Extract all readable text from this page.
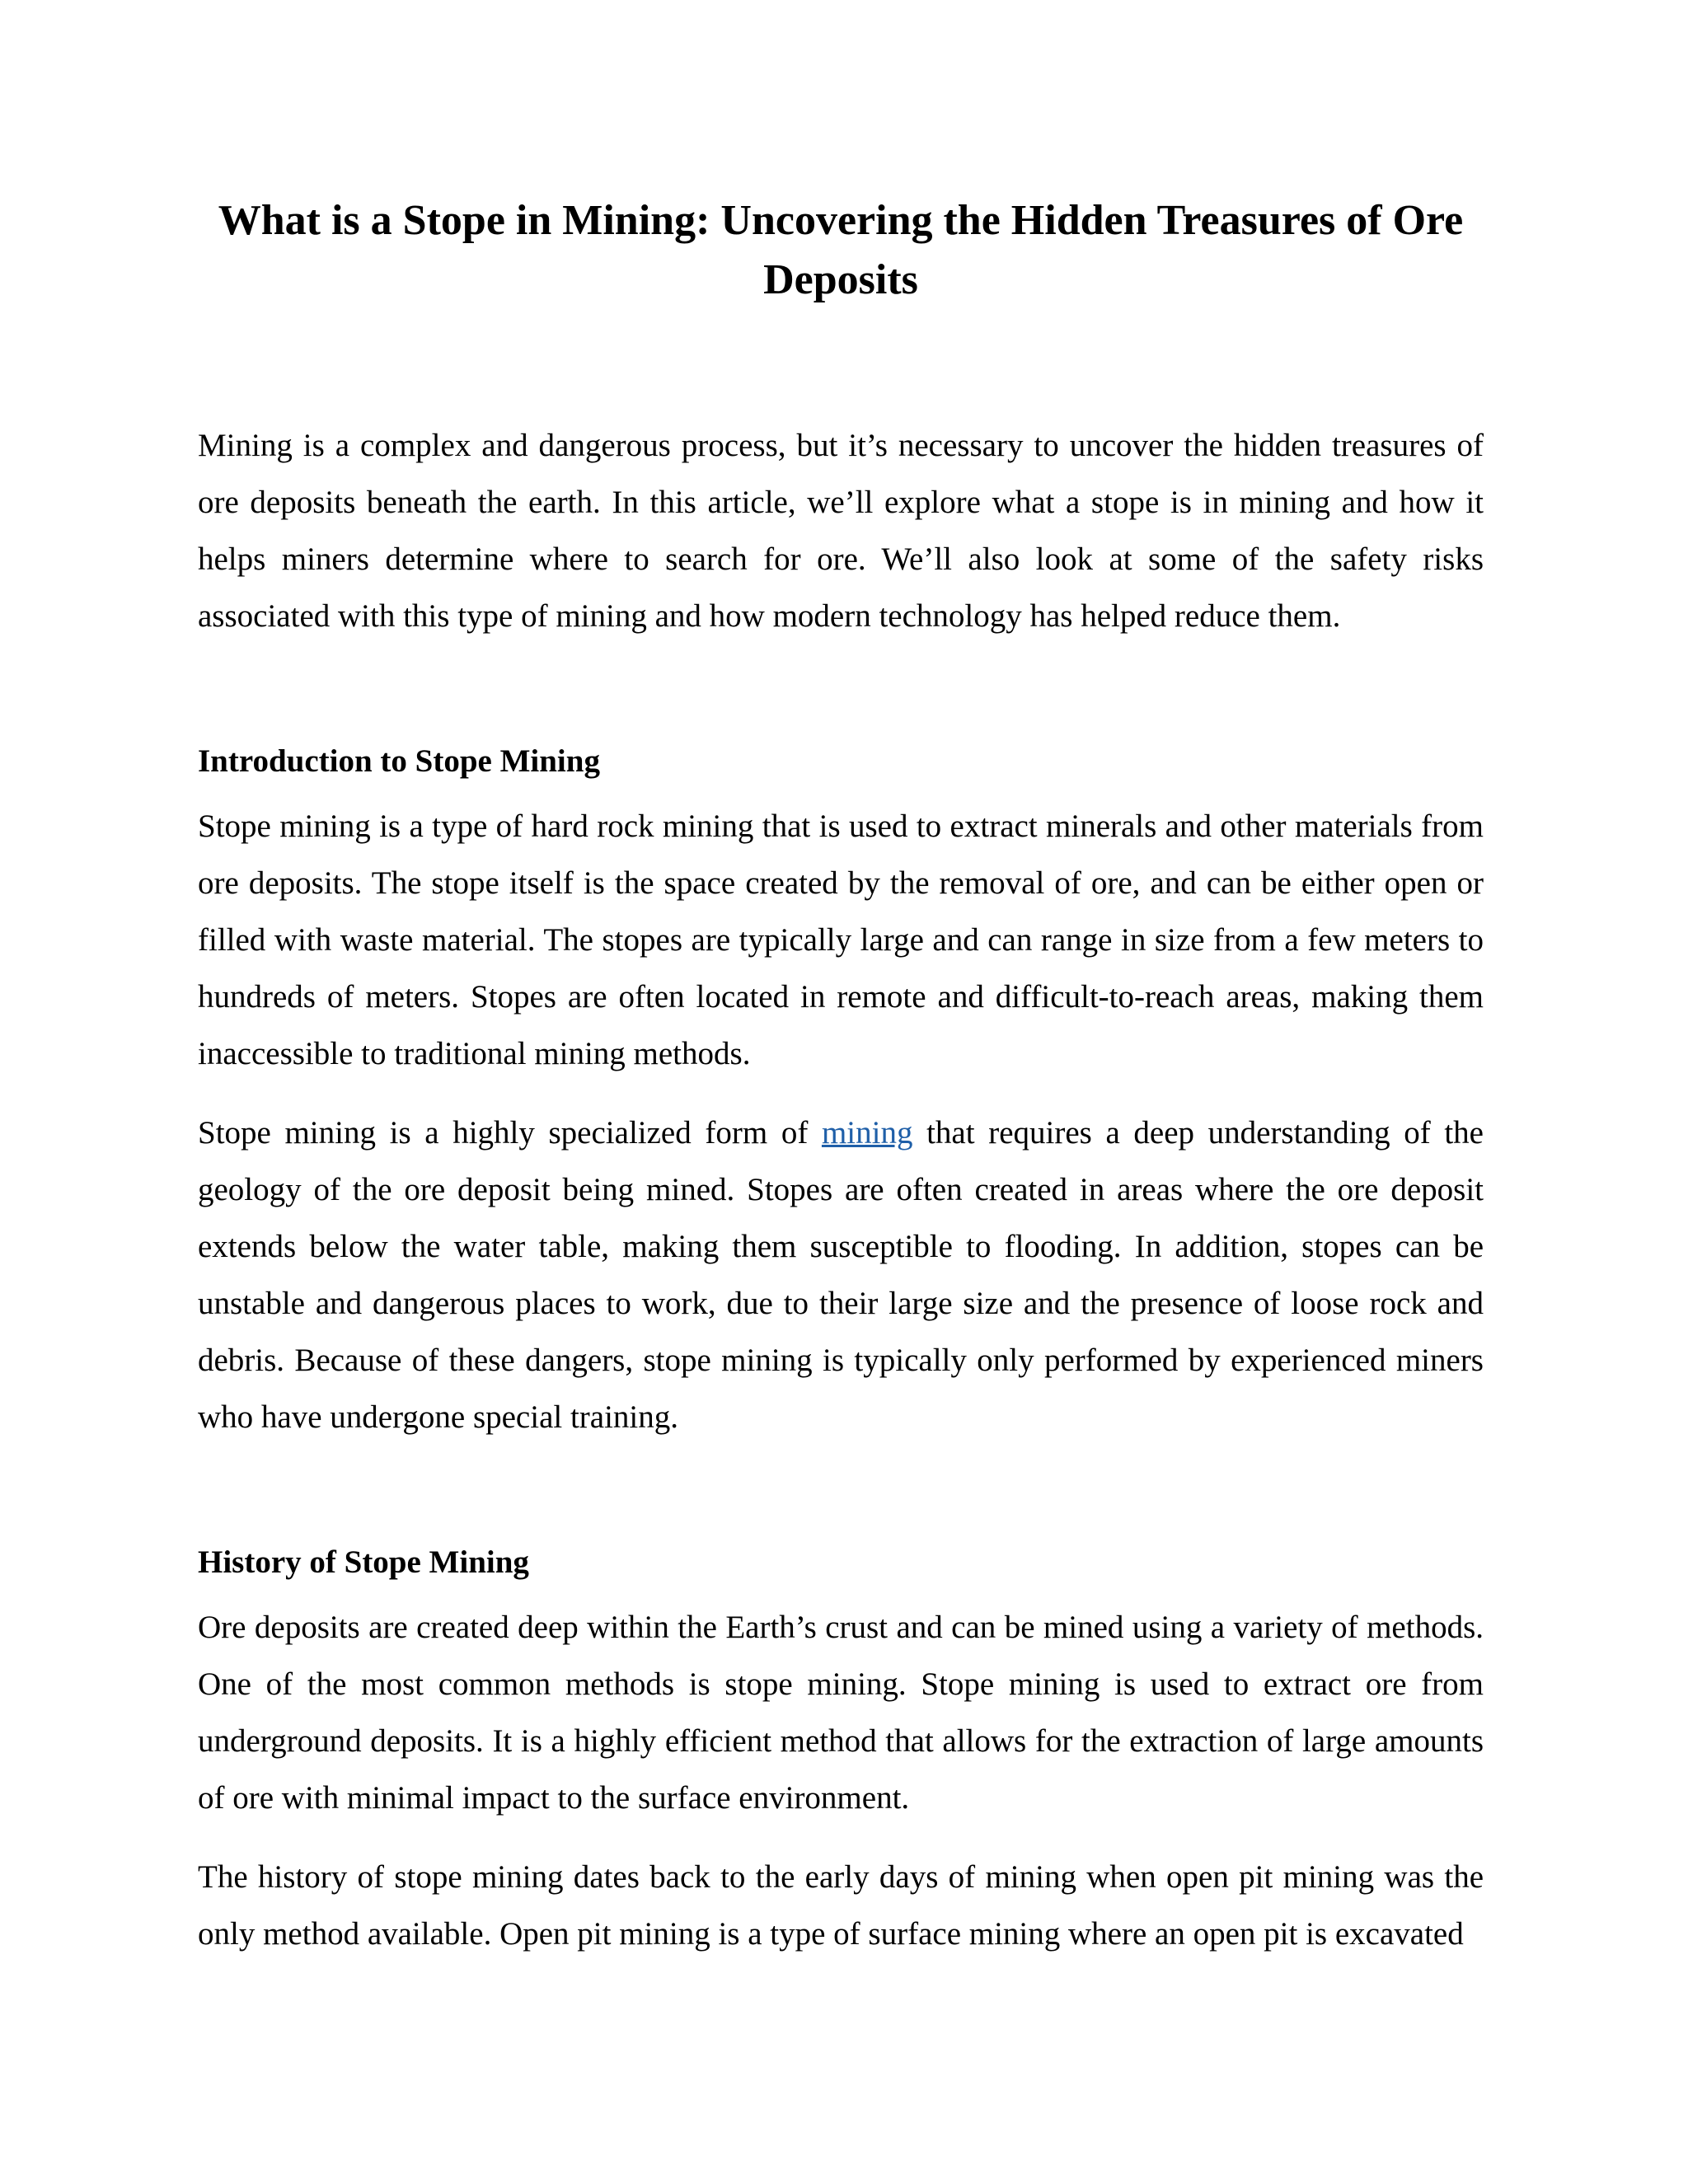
What is a Stope in Mining: Uncovering the Hidden Treasures of Ore Deposits

Mining is a complex and dangerous process, but it’s necessary to uncover the hidden treasures of ore deposits beneath the earth. In this article, we’ll explore what a stope is in mining and how it helps miners determine where to search for ore. We’ll also look at some of the safety risks associated with this type of mining and how modern technology has helped reduce them.

Introduction to Stope Mining

Stope mining is a type of hard rock mining that is used to extract minerals and other materials from ore deposits. The stope itself is the space created by the removal of ore, and can be either open or filled with waste material. The stopes are typically large and can range in size from a few meters to hundreds of meters. Stopes are often located in remote and difficult-to-reach areas, making them inaccessible to traditional mining methods.

Stope mining is a highly specialized form of mining that requires a deep understanding of the geology of the ore deposit being mined. Stopes are often created in areas where the ore deposit extends below the water table, making them susceptible to flooding. In addition, stopes can be unstable and dangerous places to work, due to their large size and the presence of loose rock and debris. Because of these dangers, stope mining is typically only performed by experienced miners who have undergone special training.

History of Stope Mining

Ore deposits are created deep within the Earth’s crust and can be mined using a variety of methods. One of the most common methods is stope mining. Stope mining is used to extract ore from underground deposits. It is a highly efficient method that allows for the extraction of large amounts of ore with minimal impact to the surface environment.

The history of stope mining dates back to the early days of mining when open pit mining was the only method available. Open pit mining is a type of surface mining where an open pit is excavated
